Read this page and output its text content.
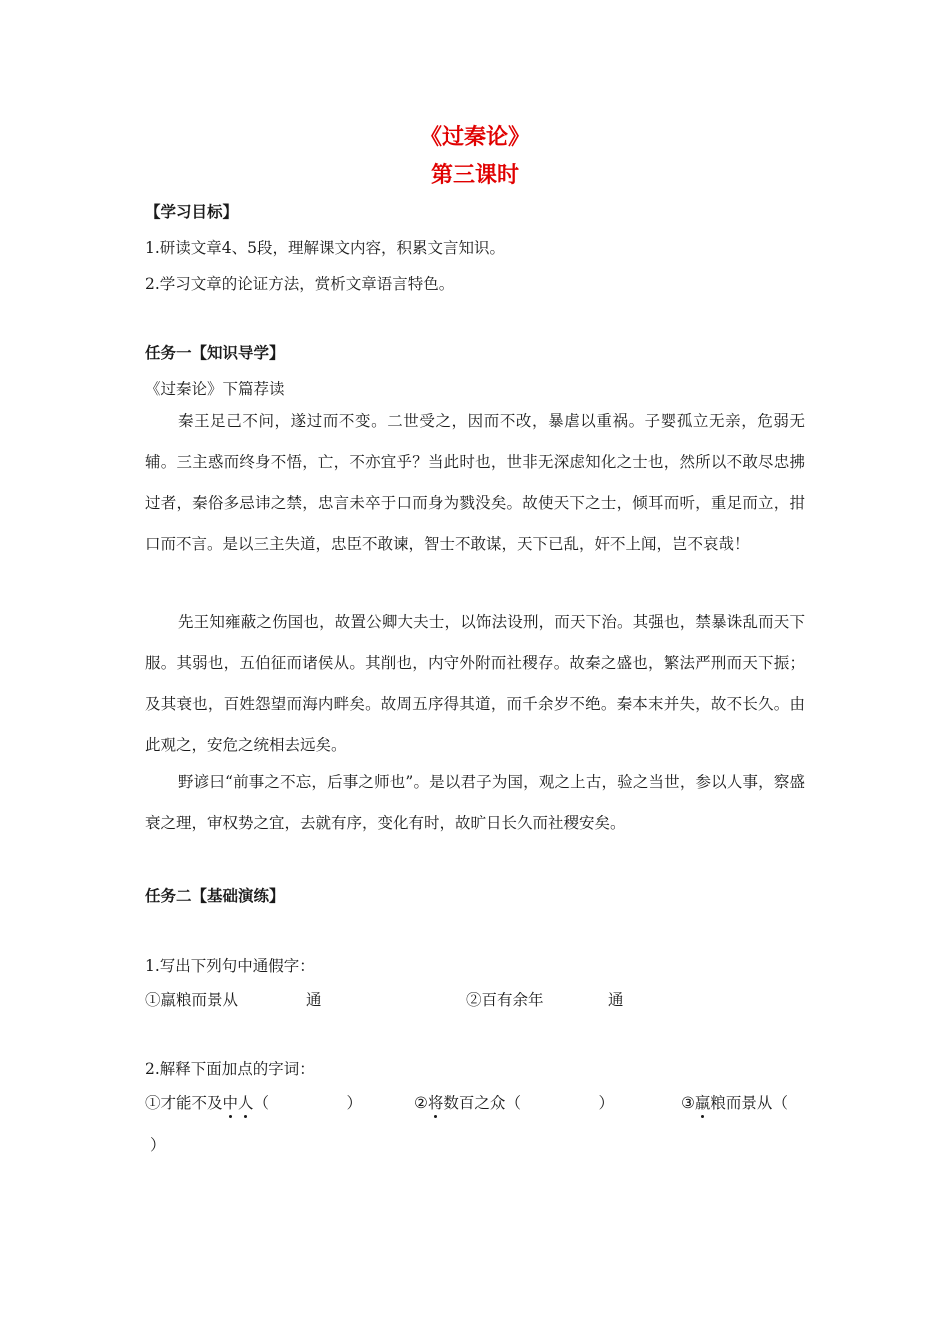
《过秦论》
第三课时
【学习目标】
1.研读文章4、5段，理解课文内容，积累文言知识。
2.学习文章的论证方法，赏析文章语言特色。
任务一【知识导学】
《过秦论》下篇荐读
秦王足己不问，遂过而不变。二世受之，因而不改，暴虐以重祸。子婴孤立无亲，危弱无辅。三主惑而终身不悟，亡，不亦宜乎？当此时也，世非无深虑知化之士也，然所以不敢尽忠拂过者，秦俗多忌讳之禁，忠言未卒于口而身为戮没矣。故使天下之士，倾耳而听，重足而立，拑口而不言。是以三主失道，忠臣不敢谏，智士不敢谋，天下已乱，奸不上闻，岂不哀哉！
先王知雍蔽之伤国也，故置公卿大夫士，以饰法设刑，而天下治。其强也，禁暴诛乱而天下服。其弱也，五伯征而诸侯从。其削也，内守外附而社稷存。故秦之盛也，繁法严刑而天下振；及其衰也，百姓怨望而海内畔矣。故周五序得其道，而千余岁不绝。秦本末并失，故不长久。由此观之，安危之统相去远矣。
野谚曰“前事之不忘，后事之师也”。是以君子为国，观之上古，验之当世，参以人事，察盛衰之理，审权势之宜，去就有序，变化有时，故旷日长久而社稷安矣。
任务二【基础演练】
1.写出下列句中通假字：
①羸粮而景从	通	②百有余年	通
2.解释下面加点的字词：
①才能不及中人（　　　　　）	②将数百之众（　　　　　）	③羸粮而景从（
）
